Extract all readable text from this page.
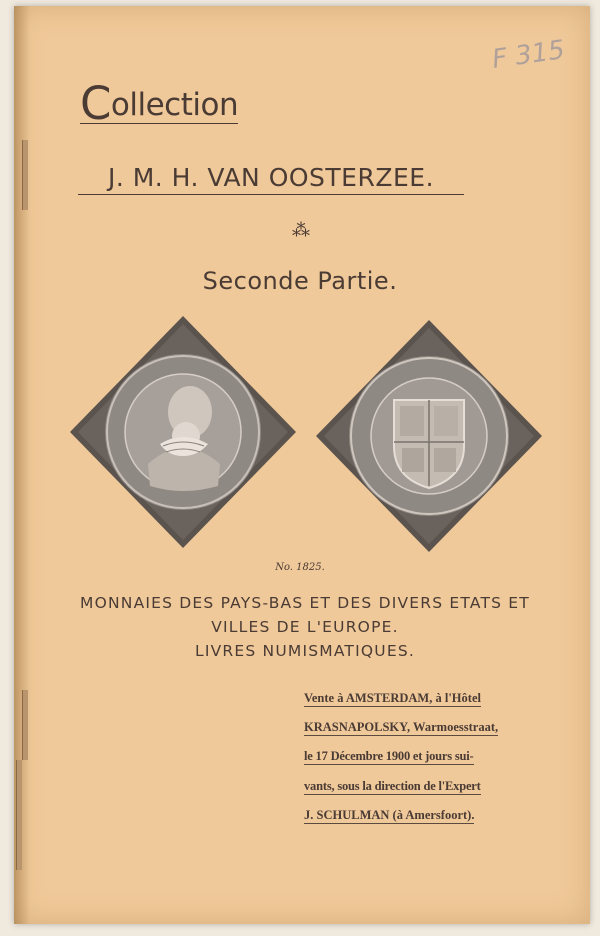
F 315
Collection
J. M. H. VAN OOSTERZEE.
⁂
Seconde Partie.
No. 1825.
MONNAIES DES PAYS-BAS ET DES DIVERS ETATS ET
VILLES DE L'EUROPE.
LIVRES NUMISMATIQUES.
Vente à AMSTERDAM, à l'Hôtel
KRASNAPOLSKY, Warmoesstraat,
le 17 Décembre 1900 et jours sui-
vants, sous la direction de l'Expert
J. SCHULMAN (à Amersfoort).
